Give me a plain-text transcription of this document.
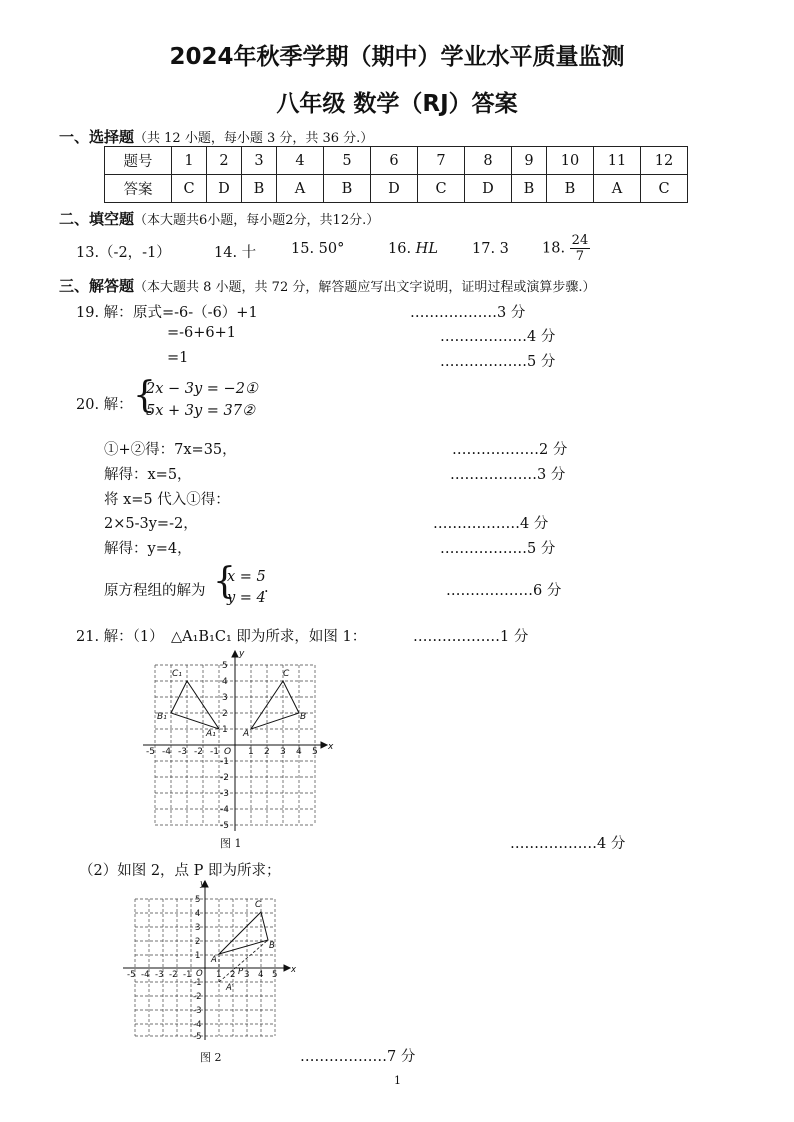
2024年秋季学期（期中）学业水平质量监测
八年级 数学（RJ）答案
一、选择题（共 12 小题，每小题 3 分，共 36 分.）
题号	1	2	3	4	5	6	7	8	9	10	11	12
答案	C	D	B	A	B	D	C	D	B	B	A	C
二、填空题（本大题共6小题，每小题2分，共12分.）
13.（-2，-1）	14. 十 15. 50°	16. HL 17. 3 18. $\frac{24}{7}$
三、解答题（本大题共 8 小题，共 72 分，解答题应写出文字说明，证明过程或演算步骤.）
19. 解： 原式=-6-（-6）+1	………………3 分
=-6+6+1	………………4 分
=1	………………5 分
20. 解： {
2x − 3y = −2①
5x + 3y = 37②
①+②得：7x=35，	………………2 分
解得：x=5，	………………3 分
将 x=5 代入①得：
2×5-3y=-2，	………………4 分
解得：y=4，	………………5 分
原方程组的解为 {
x = 5
y = 4
.	………………6 分
21. 解：（1） △A₁B₁C₁ 即为所求，如图 1：	………………1 分
x
y
O
-5 -4 -3 -2 -1	1 2 3 4 5
5
4
3
2
1
-1
-2
-3
-4
-5
C₁
B₁
A₁
C
B
A
图 1	………………4 分
（2）如图 2，点 P 即为所求；
x
y
O
-5 -4 -3 -2 -1	1 2 3 4 5
5
4
3
2
1
-1
-2
-3
-4
-5
C
B
A
P
A′
图 2	………………7 分
1
